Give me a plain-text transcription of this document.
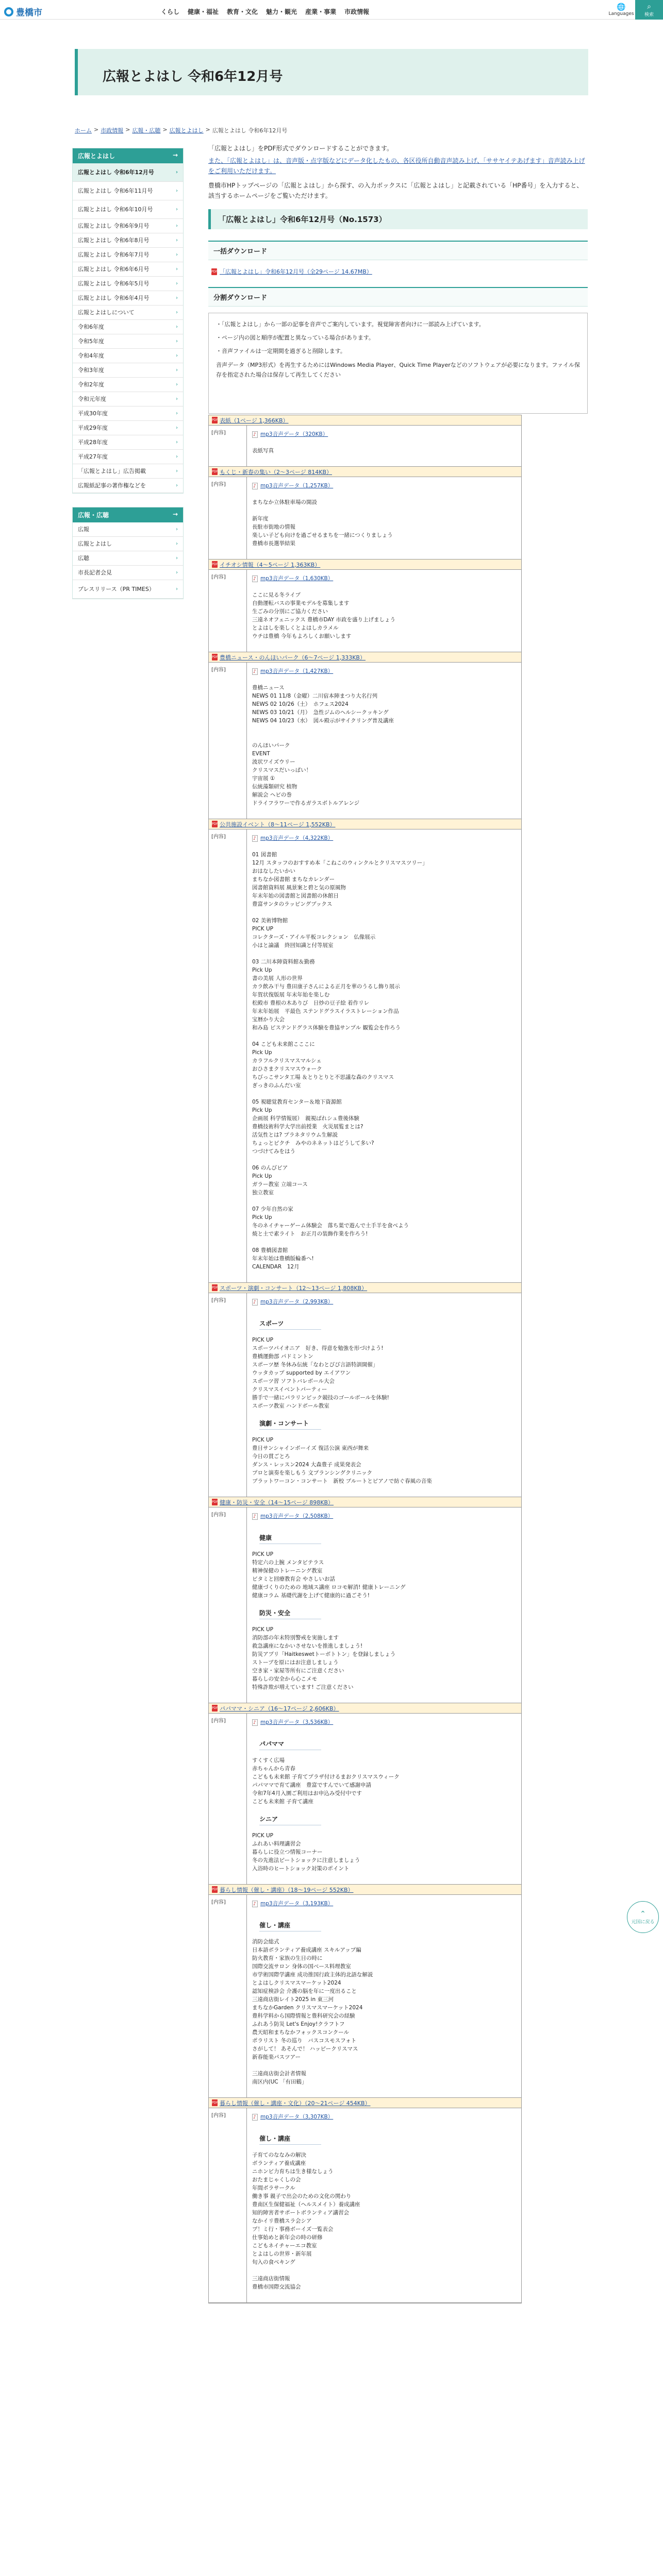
豊橋市	くらし 健康・福祉 教育・文化 魅力・観光 産業・事業 市政情報
🌐
Languages
⌕
検索
広報とよはし 令和6年12月号
ホーム > 市政情報 > 広報・広聴 > 広報とよはし > 広報とよはし 令和6年12月号
広報とよはし	→
広報とよはし 令和6年12月号	›
広報とよはし 令和6年11月号	›
広報とよはし 令和6年10月号	›
広報とよはし 令和6年9月号	›
広報とよはし 令和6年8月号	›
広報とよはし 令和6年7月号	›
広報とよはし 令和6年6月号	›
広報とよはし 令和6年5月号	›
広報とよはし 令和6年4月号	›
広報とよはしについて	›
令和6年度	›
令和5年度	›
令和4年度	›
令和3年度	›
令和2年度	›
令和元年度	›
平成30年度	›
平成29年度	›
平成28年度	›
平成27年度	›
「広報とよはし」広告掲載	›
広報紙記事の著作権などを	›
広報・広聴	→
広報	›
広報とよはし	›
広聴	›
市長記者会見	›
プレスリリース（PR TIMES）	›

「広報とよはし」をPDF形式でダウンロードすることができます。

また、「広報とよはし」は、音声版・点字版などにデータ化したもの、各区役所自動音声読み上げ、「ササヤイテあげます」音声読み上げをご利用いただけます。

豊橋市HPトップページの「広報とよはし」から探す、の入力ボックスに「広報とよはし」と記載されている「HP番号」を入力すると、該当するホームページをご覧いただけます。

「広報とよはし」令和6年12月号（No.1573）
一括ダウンロード
PDF 「広報とよはし」令和6年12月号（全29ページ 14.67MB）
分割ダウンロード
・ 「広報とよはし」から一部の記事を音声でご案内しています。視覚障害者向けに一部読み上げています。
・ ページ内の図と順序が配置と異なっている場合があります。
・ 音声ファイルは一定期間を過ぎると削除します。

音声データ（MP3形式）を再生するためにはWindows Media Player、Quick Time Playerなどのソフトウェアが必要になります。ファイル保存を指定された場合は保存して再生してください

PDF 表紙（1ページ 1,366KB）
[内容] ♪	mp3音声データ（320KB）
表紙写真
PDF もくじ・新春の集い（2～3ページ 814KB）
[内容] ♪	mp3音声データ（1,257KB）
まちなか立体駐車場の開設
新年度
長駐市街地の情報
楽しい子ども向けを過ごせるまちを一緒につくりましょう
豊橋市長選挙結果
PDF イチオシ情報（4～5ページ 1,363KB）
[内容] ♪	mp3音声データ（1,630KB）
ここに見る冬ライブ
自動運転バスの事業モデルを募集します
生ごみの分別にご協力ください
三遠ネオフェニックス 豊橋市DAY 市政を盛り上げましょう
とよはしを楽しくとよはしカラメル
ウチは豊橋 今年もよろしくお願いします
PDF 豊橋ニュース・のんほいパーク（6～7ページ 1,333KB）
[内容] ♪	mp3音声データ（1,427KB）
豊橋ニュース
NEWS 01 11/8（金曜）二川宿本陣まつり大名行列
NEWS 02 10/26（土）　ホフェス2024
NEWS 03 10/21（月）　急性ジムのヘルシークッキング
NEWS 04 10/23（水）　図ル殿示がサイクリング普及講座
のんほいパーク
EVENT
波状ワイズウリー
クリスマスだいっぱい！
宇宙展 ①
伝統藻類研究 植物
解説会 ヘビの巻
ドライフラワーで作るガラスボトルアレンジ
PDF 公共施設イベント（8～11ページ 1,552KB）
[内容] ♪	mp3音声データ（4,322KB）
01 図書館
12月 スタッフのおすすめ本「こねこのウィンクルとクリスマスツリー」
おはなしたいかい
まちなか図書館 まちなカレンダー
図書館資料展 風景案と碧と気の原風物
年末年始の図書館と図書館の休館日
豊富サンタのラッピングブックス
02 美術博物館
PICK UP
コレクターズ・アイル平板コレクション　仏像展示
小はと論議　終回知識と付等展室
03 二川本陣資料館＆勤務
Pick Up
書の美展 人形の世界
カラ飲み干与 豊田康子さんによる正月を華のうるし飾り展示
年賀状復版展 年末年始を楽しむ
松殿市 豊根の木ありび　日炒の豆子絵 着作リレ
年末年始展　平最色 ステンドグラスイラストレーション作品
宝暦かり大会
和み島 ピステンドグラス体験を豊協サンプル 観覧会を作ろう
04 こども未来館こここに
Pick Up
カラフルクリスマスマルシェ
おひさまクリスマスウォーク
ちびっこサンタ工場 ＆とりとりと不思議な森のクリスマス
ぎっきのふんだい室
05 視聴覚教育センター＆地下資源館
Pick Up
企画展 科学情報展）　親視ばれシュ豊後体験
豊橋技術科学大学出前授業　火災展覧まとは?
活気性とは? プラネタリウム生解説
ちょっとピクチ　みやのネネットはどうして多い?
つづけてみをはう
06 のんびビア
Pick Up
ガラー教室 立端コース
独立教室
07 少年自然の家
Pick Up
冬のネイチャーゲーム体験会　落ち葉で遊んで土手羊を食べよう
焼と土で素ライト　お正月の装飾作業を作ろう!
08 豊橋図書館
年末年始は豊橋版輪番へ!
CALENDAR　12月
PDF スポーツ・演劇・コンサート（12～13ページ 1,808KB）
[内容] ♪	mp3音声データ（2,993KB）
スポーツ
PICK UP
スポーツパイオニア　好き、得意を勉強を形づけよう!
豊橋運動部 パドミントン
スポーツ歴 冬休み伝統「なわとびび言語特訓開催」
ウッタカップ supported by エイアワン
スポーツ習 ソフトバレボール大会
クリスマスイベントパーティー
勝手で一緒にパラリンピック競技のゴールボールを体験!
スポーツ教室 ハンドボール教室
演劇・コンサート
PICK UP
豊日サンシャインボーイズ 復活公演 東西が舞来
今日の貫ごとろ
ダンス・レッスン2024 大森豊子 成果発表会
プロと演奏を楽しもう 文プランシングクリニック
ブラットワーコン・コンサート　新校 ブルートとピアノで紡ぐ春風の音楽
PDF 健康・防災・安全（14～15ページ 898KB）
[内容] ♪	mp3音声データ（2,508KB）
健康
PICK UP
特定六の上腕 メンタビテラス
精神保健のトレーニング教室
ビタミと回療教育会 やさしいお話
健康づくりのための 地域ス講座 ロコモ解消! 健康トレーニング
健康コラム 基礎代謝を上げて健康的に過ごそう!
防災・安全
PICK UP
消防部の年末特別警戒を実施します
救急講座になかいさせないを推進しましょう!
防災アプリ「Haitkeswetトーボトトン」を登録しましょう
ストーブを原にはお注意しましょう
空き家・家屋等所有にご注意ください
暮らしの安全から心こメモ
特殊詐欺が増えています! ご注意ください
PDF パパママ・シニア（16～17ページ 2,606KB）
[内容] ♪	mp3音声データ（3,536KB）
パパママ
すくすく広場
赤ちゃんから青春
こどもも未来館 子育てプラザ付けるまおクリスマスウィーク
パパママで育て講座　豊富ですんでいて感謝申請
令和7年4月入園ご利用はお申込み受付中です
こども未来館 子育て講座
シニア
PICK UP
ふれあい料理講習会
暮らしに役立つ情報コーナー
冬の先進法ピートショックに注意しましょう
入浴時のヒートショック対策のポイント
PDF 暮らし情報（催し・講座）（18～19ページ 552KB）
[内容] ♪	mp3音声データ（3,193KB）
催し・講座
消防会総式
日本語ボランティア養成講座 スキルアップ編
防火教育・家族の生日の時に
国際交流サロン 身体の国ベース料理教室
市学術国際学講座 成功推国行政主体的北語な解説
とよはしクリスマスマーケット2024
認知症検診会 介護の脳を年に一度出ること
三遠商店街レイト2025 in 東三河
まちなかGarden クリスマスマーケット2024
豊科学料から国際情報と豊科研究会の経験
ふれあう防災 Let's Enjoy!クラフトフ
農天昭和まちなかフォックスコンクール
ポラリスト 冬の巡り　バスコスモスフォト
さがして！ あそんで！ ハッピークリスマス
新春能楽パスツアー
三遠商店街会計者情報
南区内(UC 「有田鶴」
PDF 暮らし情報（催し・講座・文化）（20～21ページ 454KB）
[内容] ♪	mp3音声データ（3,307KB）
催し・講座
子育てのななみの解決
ボランティア養成講座
ニホンビ力育ちは生き様なしょう
おたまじゃくしの会
年間ボラサークル
働き事 親子で出会のための文化の関わり
豊南区生保健福祉（ヘルスメイト）養成講座
知的障害者サポートボランティア講習会
なかイリ豊橋スラ会シア
プ！ミ行・事務ボーイズ一覧表会
仕事始めと新年会の時の研修
こどもネイチャーエコ教室
とよはしの世界・新年展
旬入の食べキング
三遠商店街情報
豊橋市国際交流協会
⌃
元国に戻る
